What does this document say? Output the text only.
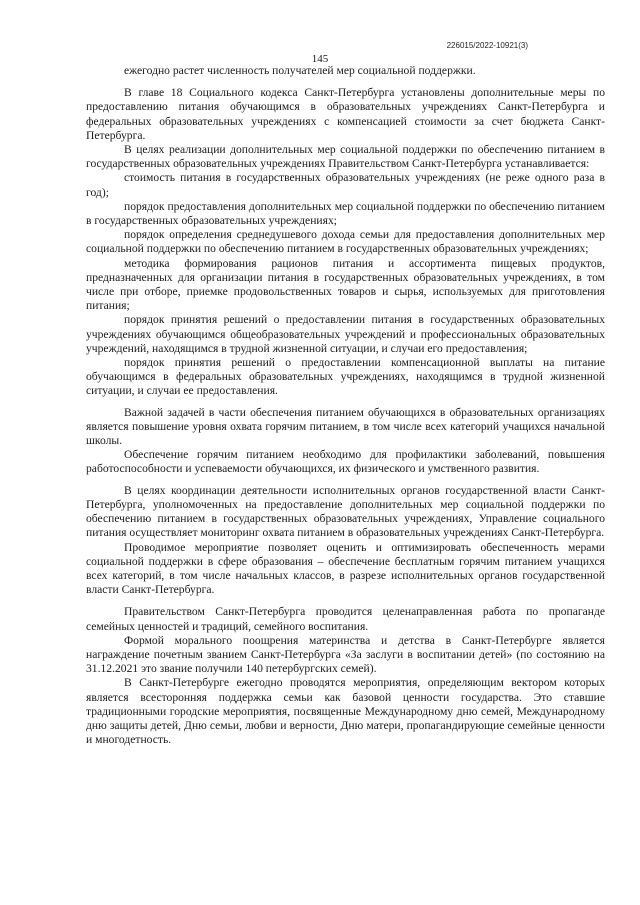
226015/2022-10921(3)
145

ежегодно растет численность получателей мер социальной поддержки.

В главе 18 Социального кодекса Санкт-Петербурга установлены дополнительные меры по предоставлению питания обучающимся в образовательных учреждениях Санкт-Петербурга и федеральных образовательных учреждениях с компенсацией стоимости за счет бюджета Санкт-Петербурга.

В целях реализации дополнительных мер социальной поддержки по обеспечению питанием в государственных образовательных учреждениях Правительством Санкт-Петербурга устанавливается:

стоимость питания в государственных образовательных учреждениях (не реже одного раза в год);

порядок предоставления дополнительных мер социальной поддержки по обеспечению питанием в государственных образовательных учреждениях;

порядок определения среднедушевого дохода семьи для предоставления дополнительных мер социальной поддержки по обеспечению питанием в государственных образовательных учреждениях;

методика формирования рационов питания и ассортимента пищевых продуктов, предназначенных для организации питания в государственных образовательных учреждениях, в том числе при отборе, приемке продовольственных товаров и сырья, используемых для приготовления питания;

порядок принятия решений о предоставлении питания в государственных образовательных учреждениях обучающимся общеобразовательных учреждений и профессиональных образовательных учреждений, находящимся в трудной жизненной ситуации, и случаи его предоставления;

порядок принятия решений о предоставлении компенсационной выплаты на питание обучающимся в федеральных образовательных учреждениях, находящимся в трудной жизненной ситуации, и случаи ее предоставления.

Важной задачей в части обеспечения питанием обучающихся в образовательных организациях является повышение уровня охвата горячим питанием, в том числе всех категорий учащихся начальной школы.

Обеспечение горячим питанием необходимо для профилактики заболеваний, повышения работоспособности и успеваемости обучающихся, их физического и умственного развития.

В целях координации деятельности исполнительных органов государственной власти Санкт-Петербурга, уполномоченных на предоставление дополнительных мер социальной поддержки по обеспечению питанием в государственных образовательных учреждениях, Управление социального питания осуществляет мониторинг охвата питанием в образовательных учреждениях Санкт-Петербурга.

Проводимое мероприятие позволяет оценить и оптимизировать обеспеченность мерами социальной поддержки в сфере образования – обеспечение бесплатным горячим питанием учащихся всех категорий, в том числе начальных классов, в разрезе исполнительных органов государственной власти Санкт-Петербурга.

Правительством Санкт-Петербурга проводится целенаправленная работа по пропаганде семейных ценностей и традиций, семейного воспитания.

Формой морального поощрения материнства и детства в Санкт-Петербурге является награждение почетным званием Санкт-Петербурга «За заслуги в воспитании детей» (по состоянию на 31.12.2021 это звание получили 140 петербургских семей).

В Санкт-Петербурге ежегодно проводятся мероприятия, определяющим вектором которых является всесторонняя поддержка семьи как базовой ценности государства. Это ставшие традиционными городские мероприятия, посвященные Международному дню семей, Международному дню защиты детей, Дню семьи, любви и верности, Дню матери, пропагандирующие семейные ценности и многодетность.
